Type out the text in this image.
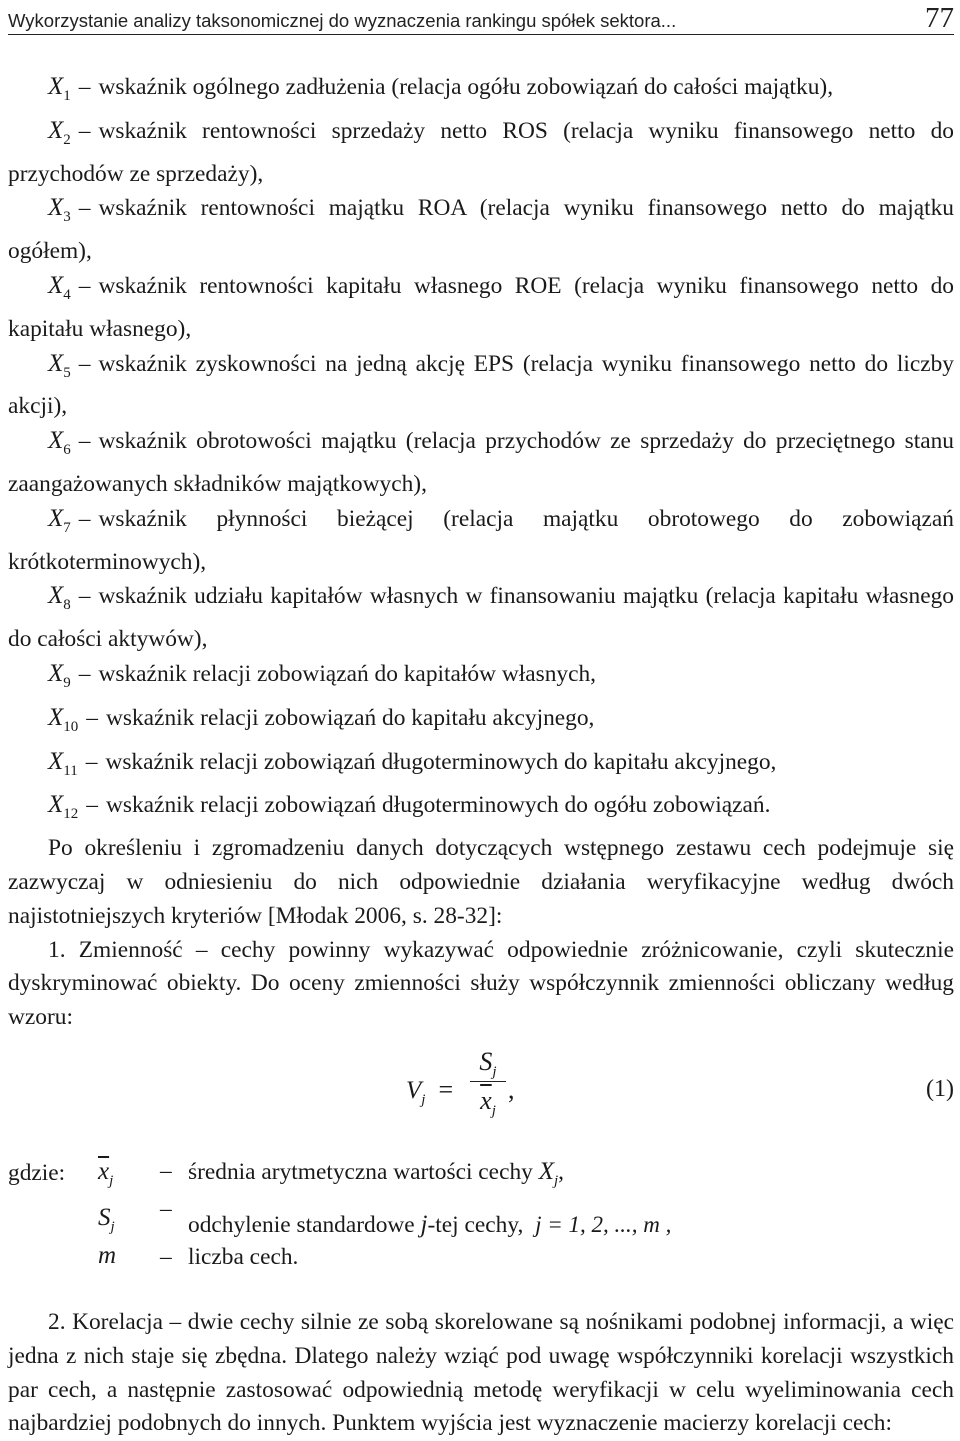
Wykorzystanie analizy taksonomicznej do wyznaczenia rankingu spółek sektora...	77

$X_1$ – wskaźnik ogólnego zadłużenia (relacja ogółu zobowiązań do całości majątku),

$X_2$ – wskaźnik rentowności sprzedaży netto ROS (relacja wyniku finansowego netto do przychodów ze sprzedaży),

$X_3$ – wskaźnik rentowności majątku ROA (relacja wyniku finansowego netto do majątku ogółem),

$X_4$ – wskaźnik rentowności kapitału własnego ROE (relacja wyniku finansowego netto do kapitału własnego),

$X_5$ – wskaźnik zyskowności na jedną akcję EPS (relacja wyniku finansowego netto do liczby akcji),

$X_6$ – wskaźnik obrotowości majątku (relacja przychodów ze sprzedaży do przeciętnego stanu zaangażowanych składników majątkowych),

$X_7$ – wskaźnik płynności bieżącej (relacja majątku obrotowego do zobowiązań krótkoterminowych),

$X_8$ – wskaźnik udziału kapitałów własnych w finansowaniu majątku (relacja kapitału własnego do całości aktywów),

$X_9$ – wskaźnik relacji zobowiązań do kapitałów własnych,

$X_{10}$ – wskaźnik relacji zobowiązań do kapitału akcyjnego,

$X_{11}$ – wskaźnik relacji zobowiązań długoterminowych do kapitału akcyjnego,

$X_{12}$ – wskaźnik relacji zobowiązań długoterminowych do ogółu zobowiązań.

Po określeniu i zgromadzeniu danych dotyczących wstępnego zestawu cech podejmuje się zazwyczaj w odniesieniu do nich odpowiednie działania weryfikacyjne według dwóch najistotniejszych kryteriów [Młodak 2006, s. 28-32]:

1. Zmienność – cechy powinny wykazywać odpowiednie zróżnicowanie, czyli skutecznie dyskryminować obiekty. Do oceny zmienności służy współczynnik zmienności obliczany według wzoru:

$V_j$ =
$S_j$
$\overline{x}_j$
,	(1)
gdzie: $\overline{x}_j$ – średnia arytmetyczna wartości cechy $X_j$,
$S_j$
–
odchylenie standardowe j-tej cechy, j = 1, 2, ..., m ,
m – liczba cech.

2. Korelacja – dwie cechy silnie ze sobą skorelowane są nośnikami podobnej informacji, a więc jedna z nich staje się zbędna. Dlatego należy wziąć pod uwagę współczynniki korelacji wszystkich par cech, a następnie zastosować odpowiednią metodę weryfikacji w celu wyeliminowania cech najbardziej podobnych do innych. Punktem wyjścia jest wyznaczenie macierzy korelacji cech:
